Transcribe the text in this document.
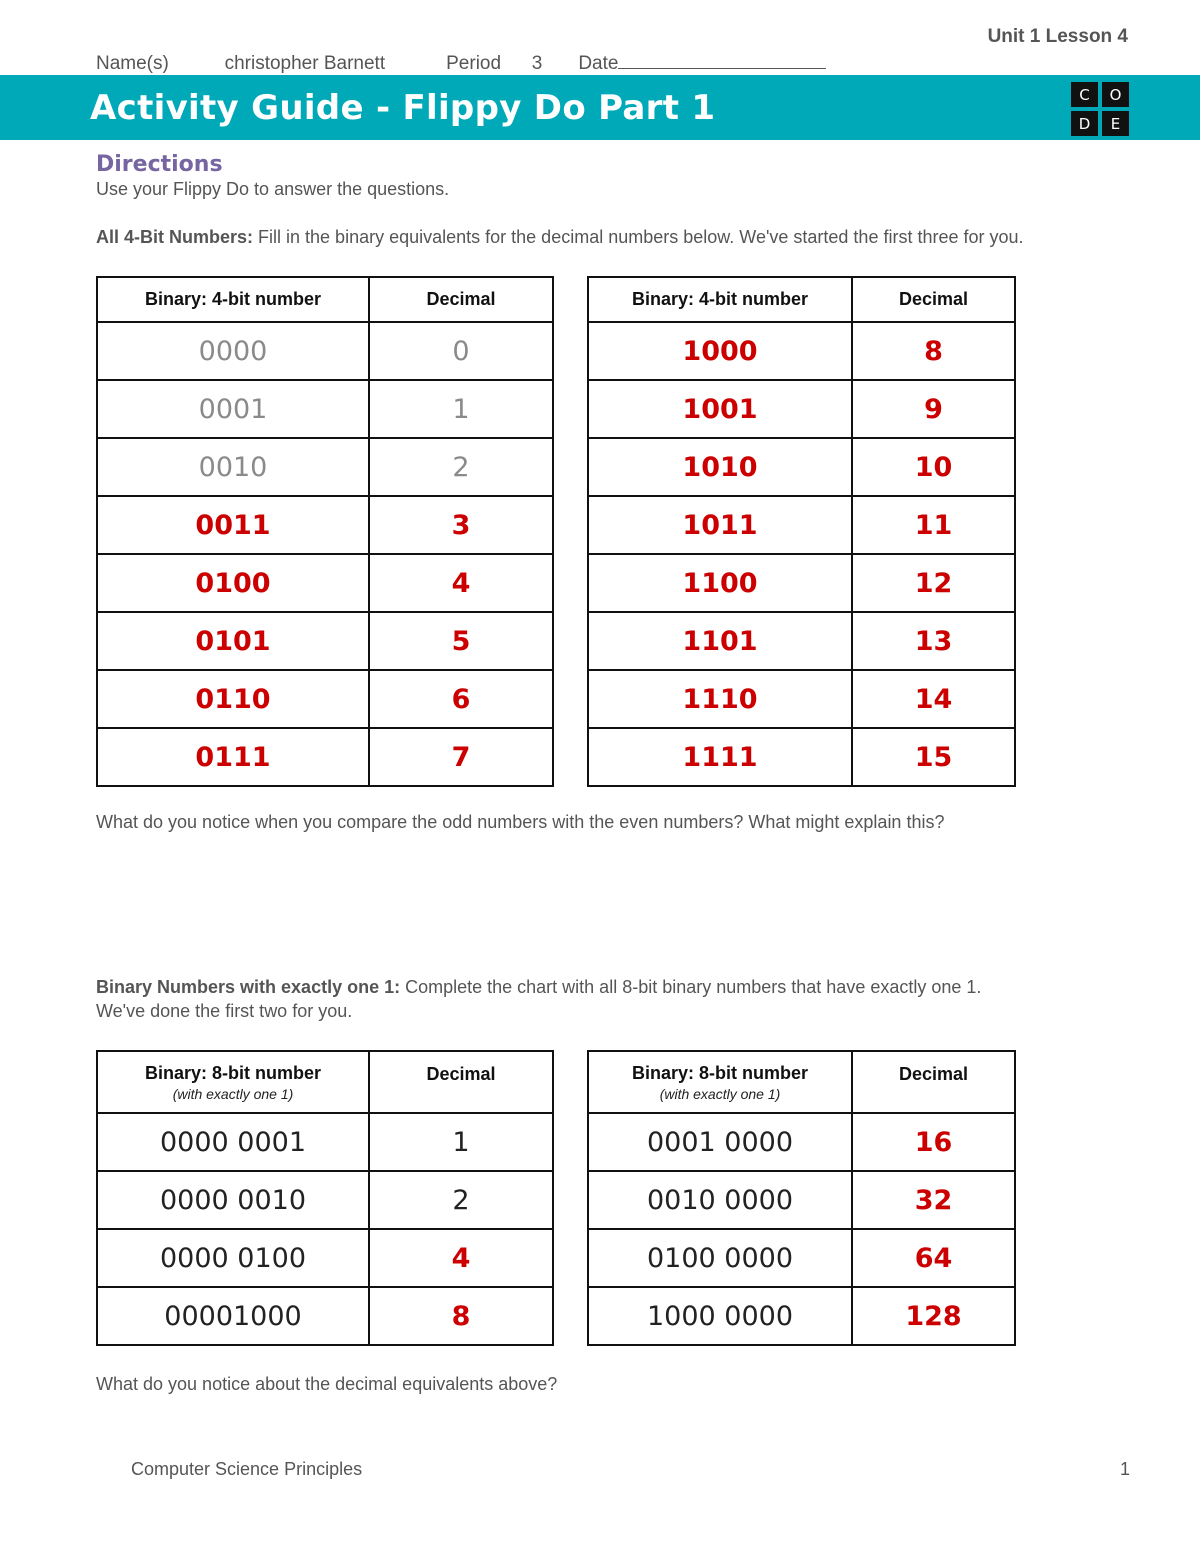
Unit 1 Lesson 4
Name(s)	christopher Barnett	Period 3 Date
Activity Guide - Flippy Do Part 1	C	O
D	E
Directions
Use your Flippy Do to answer the questions.
All 4-Bit Numbers: Fill in the binary equivalents for the decimal numbers below. We've started the first three for you.
Binary: 4-bit number	Decimal
0000	0
0001	1
0010	2
0011	3
0100	4
0101	5
0110	6
0111	7
Binary: 4-bit number	Decimal
1000	8
1001	9
1010	10
1011	11
1100	12
1101	13
1110	14
1111	15
What do you notice when you compare the odd numbers with the even numbers? What might explain this?
Binary Numbers with exactly one 1: Complete the chart with all 8-bit binary numbers that have exactly one 1.
We've done the first two for you.
Binary: 8-bit number
(with exactly one 1)	Decimal
0000 0001	1
0000 0010	2
0000 0100	4
00001000	8
Binary: 8-bit number
(with exactly one 1)	Decimal
0001 0000	16
0010 0000	32
0100 0000	64
1000 0000	128
What do you notice about the decimal equivalents above?
Computer Science Principles	1
